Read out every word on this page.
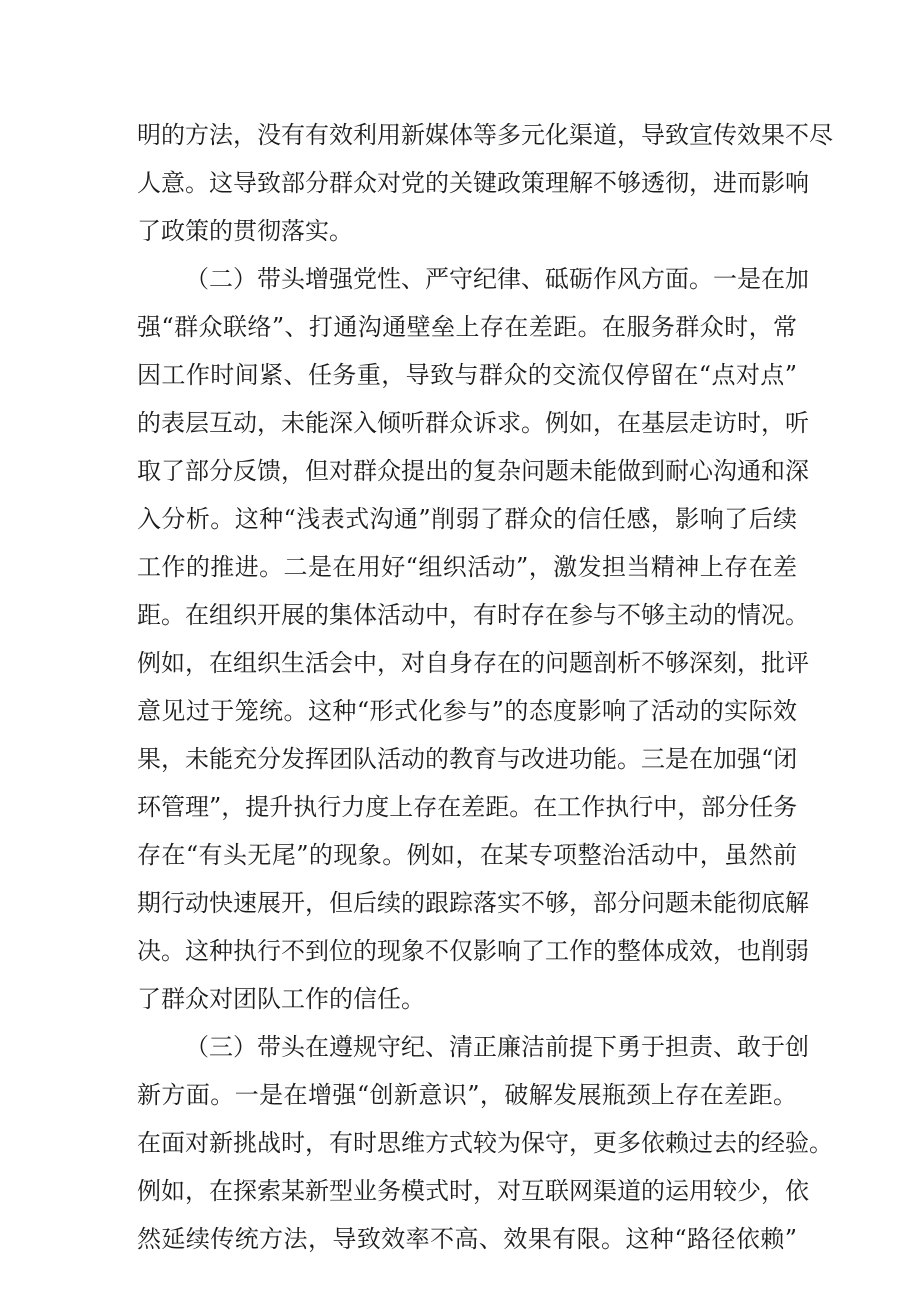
明的方法，没有有效利用新媒体等多元化渠道，导致宣传效果不尽
人意。这导致部分群众对党的关键政策理解不够透彻，进而影响
了政策的贯彻落实。
（二）带头增强党性、严守纪律、砥砺作风方面。一是在加
强“群众联络”、打通沟通壁垒上存在差距。在服务群众时，常
因工作时间紧、任务重，导致与群众的交流仅停留在“点对点”
的表层互动，未能深入倾听群众诉求。例如，在基层走访时，听
取了部分反馈，但对群众提出的复杂问题未能做到耐心沟通和深
入分析。这种“浅表式沟通”削弱了群众的信任感，影响了后续
工作的推进。二是在用好“组织活动”，激发担当精神上存在差
距。在组织开展的集体活动中，有时存在参与不够主动的情况。
例如，在组织生活会中，对自身存在的问题剖析不够深刻，批评
意见过于笼统。这种“形式化参与”的态度影响了活动的实际效
果，未能充分发挥团队活动的教育与改进功能。三是在加强“闭
环管理”，提升执行力度上存在差距。在工作执行中，部分任务
存在“有头无尾”的现象。例如，在某专项整治活动中，虽然前
期行动快速展开，但后续的跟踪落实不够，部分问题未能彻底解
决。这种执行不到位的现象不仅影响了工作的整体成效，也削弱
了群众对团队工作的信任。
（三）带头在遵规守纪、清正廉洁前提下勇于担责、敢于创
新方面。一是在增强“创新意识”，破解发展瓶颈上存在差距。
在面对新挑战时，有时思维方式较为保守，更多依赖过去的经验。
例如，在探索某新型业务模式时，对互联网渠道的运用较少，依
然延续传统方法，导致效率不高、效果有限。这种“路径依赖”
